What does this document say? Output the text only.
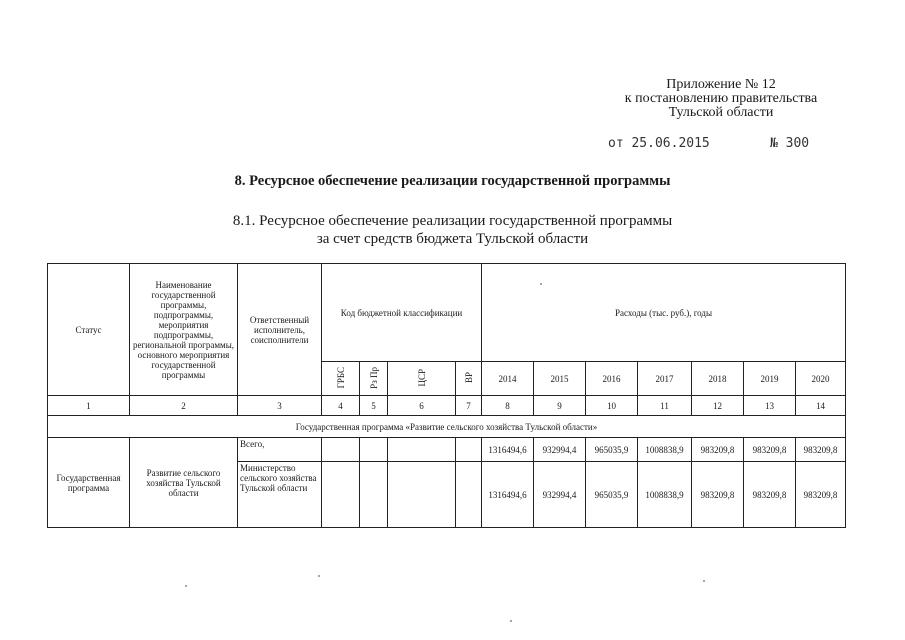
Приложение № 12
к постановлению правительства
Тульской области
от 25.06.2015	№ 300
8. Ресурсное обеспечение реализации государственной программы
8.1. Ресурсное обеспечение реализации государственной программы
за счет средств бюджета Тульской области
Статус	Наименование государственной программы, подпрограммы, мероприятия подпрограммы, региональной программы, основного мероприятия государственной программы	Ответственный исполнитель, соисполнители	Код бюджетной классификации				Расходы (тыс. руб.), годы						
			ГРБС	Рз Пр	ЦСР	ВР	2014	2015	2016	2017	2018	2019	2020
1	2	3	4	5	6	7	8	9	10	11	12	13	14
Государственная программа «Развитие сельского хозяйства Тульской области»													
Государственная программа	Развитие сельского хозяйства Тульской области	Всего,					1316494,6	932994,4	965035,9	1008838,9	983209,8	983209,8	983209,8
		Министерство сельского хозяйства Тульской области					1316494,6	932994,4	965035,9	1008838,9	983209,8	983209,8	983209,8
